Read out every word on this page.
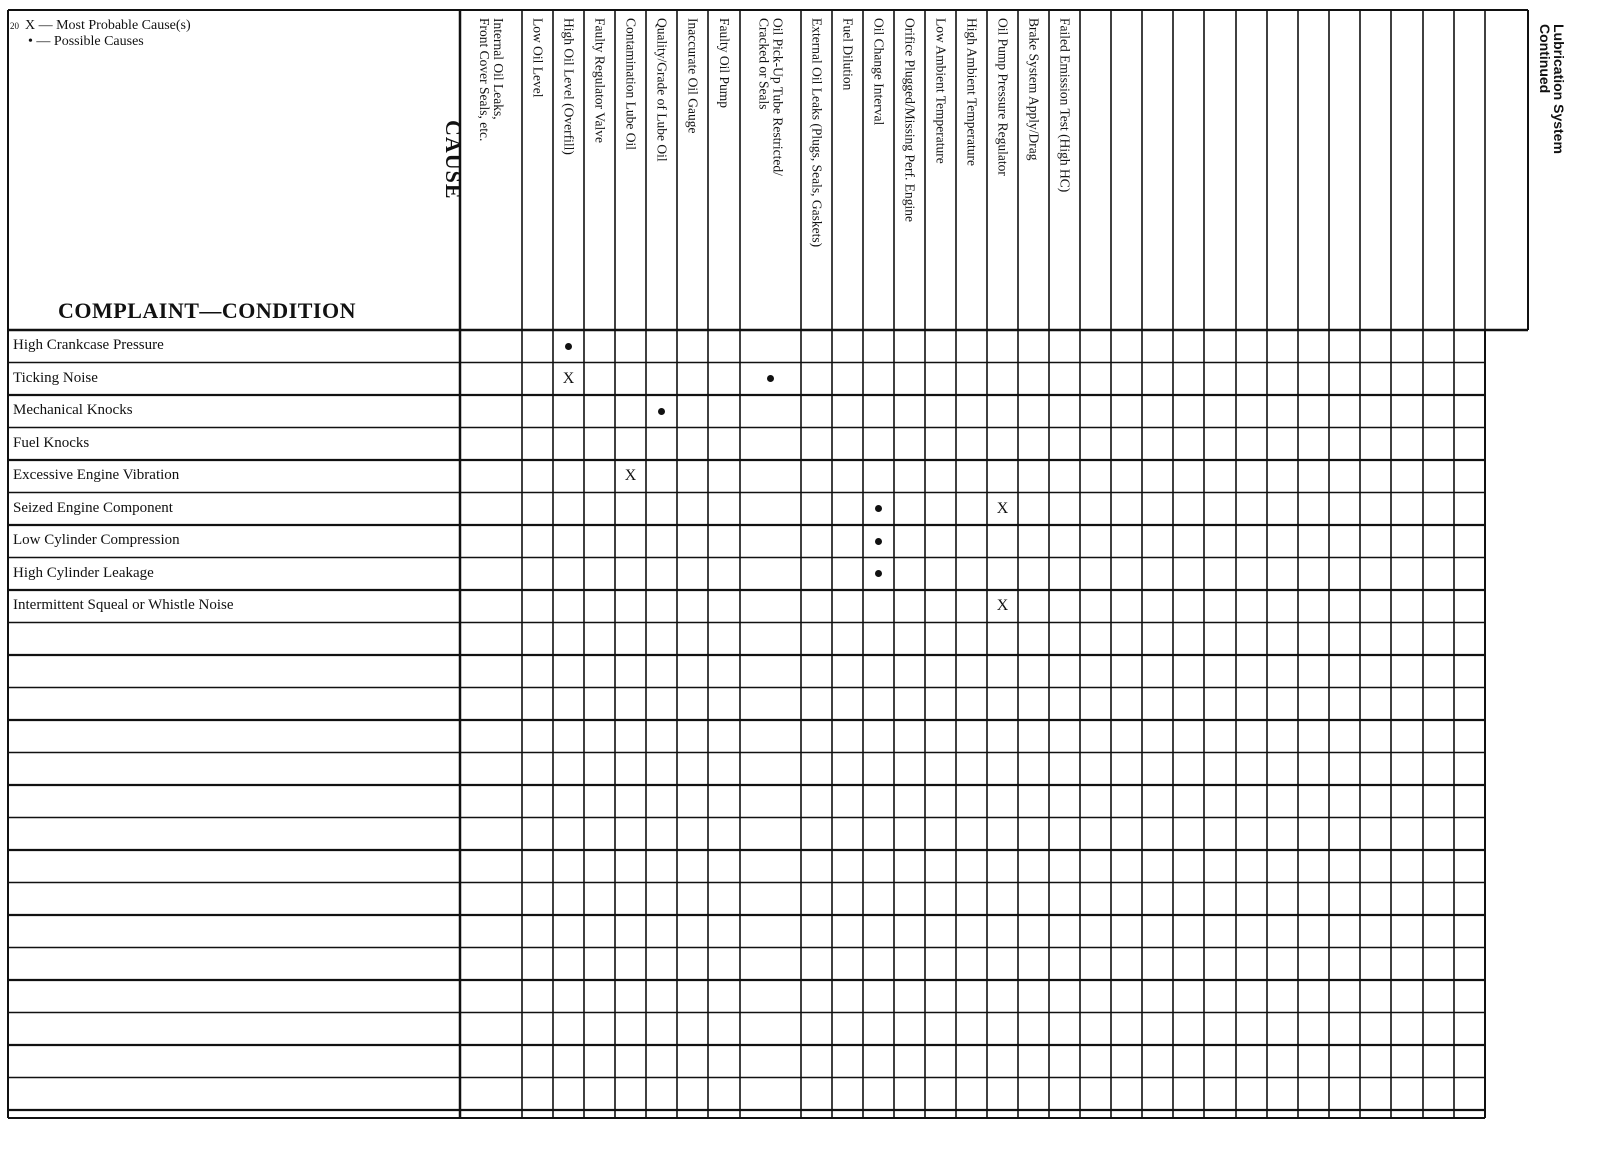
$^{20}$ X — Most Probable Cause(s)
• — Possible Causes
CAUSE
COMPLAINT—CONDITION
Internal Oil Leaks,
Front Cover Seals, etc.
Low Oil Level High Oil Level (Overfill) Faulty Regulator Valve Contamination Lube Oil Quality/Grade of Lube Oil Inaccurate Oil Gauge Faulty Oil Pump	Oil Pick-Up Tube Restricted/
Cracked or Seals	External Oil Leaks (Plugs, Seals, Gaskets) Fuel Dilution Oil Change Interval Orifice Plugged/Missing Perf. Engine Low Ambient Temperature High Ambient Temperature Oil Pump Pressure Regulator Brake System Apply/Drag Failed Emission Test (High HC)
High Crankcase Pressure
Ticking Noise
Mechanical Knocks
Fuel Knocks
Excessive Engine Vibration
Seized Engine Component
Low Cylinder Compression
High Cylinder Leakage
Intermittent Squeal or Whistle Noise
X
X
X
X
Lubrication System
Continued
